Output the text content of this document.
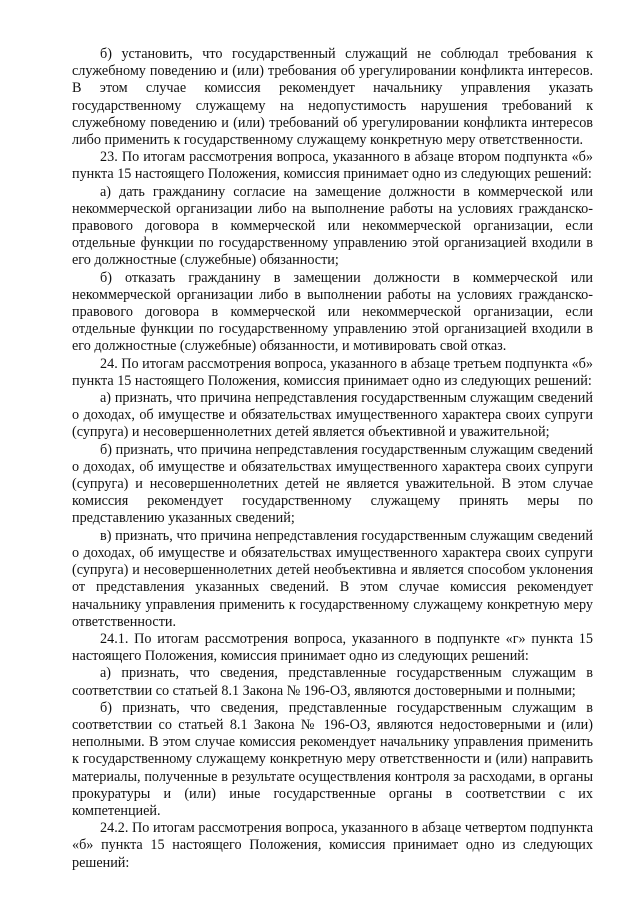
б) установить, что государственный служащий не соблюдал требования к служебному поведению и (или) требования об урегулировании конфликта интересов. В этом случае комиссия рекомендует начальнику управления указать государственному служащему на недопустимость нарушения требований к служебному поведению и (или) требований об урегулировании конфликта интересов либо применить к государственному служащему конкретную меру ответственности.

23. По итогам рассмотрения вопроса, указанного в абзаце втором подпункта «б» пункта 15 настоящего Положения, комиссия принимает одно из следующих решений:

а) дать гражданину согласие на замещение должности в коммерческой или некоммерческой организации либо на выполнение работы на условиях гражданско-правового договора в коммерческой или некоммерческой организации, если отдельные функции по государственному управлению этой организацией входили в его должностные (служебные) обязанности;

б) отказать гражданину в замещении должности в коммерческой или некоммерческой организации либо в выполнении работы на условиях гражданско-правового договора в коммерческой или некоммерческой организации, если отдельные функции по государственному управлению этой организацией входили в его должностные (служебные) обязанности, и мотивировать свой отказ.

24. По итогам рассмотрения вопроса, указанного в абзаце третьем подпункта «б» пункта 15 настоящего Положения, комиссия принимает одно из следующих решений:

а) признать, что причина непредставления государственным служащим сведений о доходах, об имуществе и обязательствах имущественного характера своих супруги (супруга) и несовершеннолетних детей является объективной и уважительной;

б) признать, что причина непредставления государственным служащим сведений о доходах, об имуществе и обязательствах имущественного характера своих супруги (супруга) и несовершеннолетних детей не является уважительной. В этом случае комиссия рекомендует государственному служащему принять меры по представлению указанных сведений;

в) признать, что причина непредставления государственным служащим сведений о доходах, об имуществе и обязательствах имущественного характера своих супруги (супруга) и несовершеннолетних детей необъективна и является способом уклонения от представления указанных сведений. В этом случае комиссия рекомендует начальнику управления применить к государственному служащему конкретную меру ответственности.

24.1. По итогам рассмотрения вопроса, указанного в подпункте «г» пункта 15 настоящего Положения, комиссия принимает одно из следующих решений:

а) признать, что сведения, представленные государственным служащим в соответствии со статьей 8.1 Закона № 196-ОЗ, являются достоверными и полными;

б) признать, что сведения, представленные государственным служащим в соответствии со статьей 8.1 Закона № 196-ОЗ, являются недостоверными и (или) неполными. В этом случае комиссия рекомендует начальнику управления применить к государственному служащему конкретную меру ответственности и (или) направить материалы, полученные в результате осуществления контроля за расходами, в органы прокуратуры и (или) иные государственные органы в соответствии с их компетенцией.

24.2. По итогам рассмотрения вопроса, указанного в абзаце четвертом подпункта «б» пункта 15 настоящего Положения, комиссия принимает одно из следующих решений:
